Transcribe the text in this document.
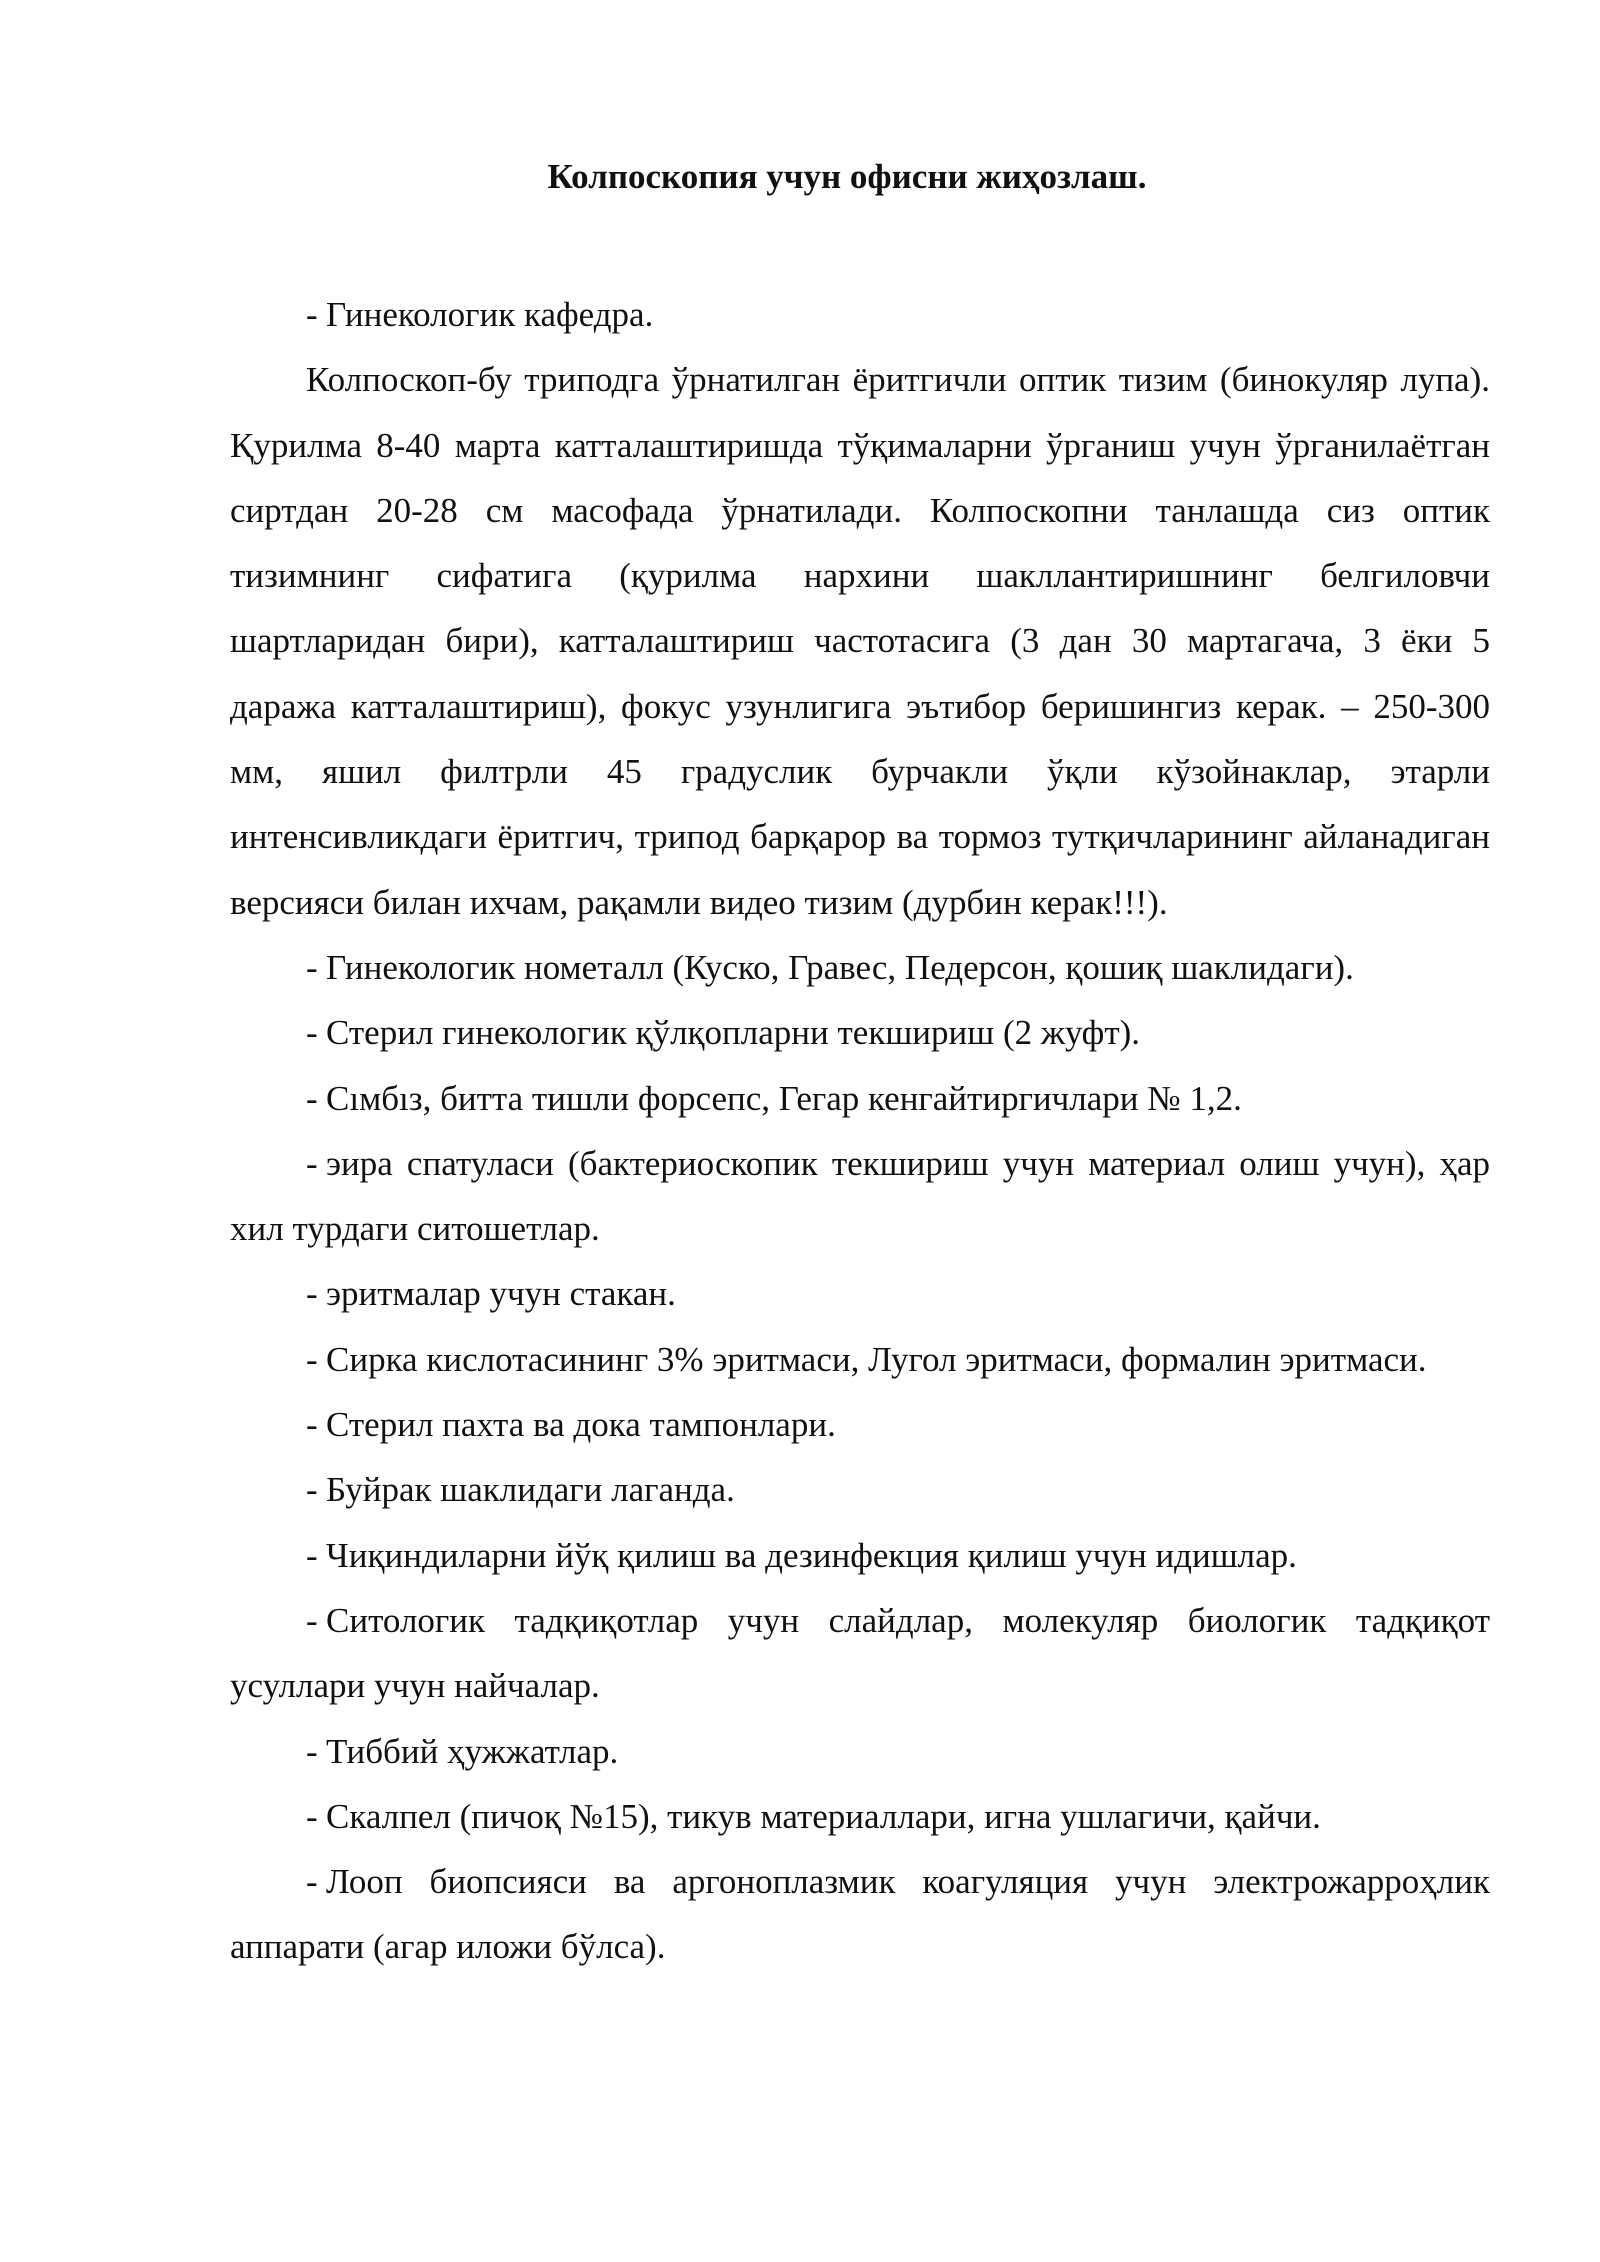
Колпоскопия учун офисни жиҳозлаш.

- Гинекологик кафедра.

Колпоскоп-бу триподга ўрнатилган ёритгичли оптик тизим (бинокуляр лупа). Қурилма 8-40 марта катталаштиришда тўқималарни ўрганиш учун ўрганилаётган сиртдан 20-28 см масофада ўрнатилади. Колпоскопни танлашда сиз оптик тизимнинг сифатига (қурилма нархини шакллантиришнинг белгиловчи шартларидан бири), катталаштириш частотасига (3 дан 30 мартагача, 3 ёки 5 даража катталаштириш), фокус узунлигига эътибор беришингиз керак. – 250-300 мм, яшил филтрли 45 градуслик бурчакли ўқли кўзойнаклар, этарли интенсивликдаги ёритгич, трипод барқарор ва тормоз тутқичларининг айланадиган версияси билан ихчам, рақамли видео тизим (дурбин керак!!!).

- Гинекологик нометалл (Куско, Гравес, Педерсон, қошиқ шаклидаги).

- Стерил гинекологик қўлқопларни текшириш (2 жуфт).

- Сıмбıз, битта тишли форсепс, Гегар кенгайтиргичлари № 1,2.

- эира спатуласи (бактериоскопик текшириш учун материал олиш учун), ҳар хил турдаги ситошетлар.

- эритмалар учун стакан.

- Сирка кислотасининг 3% эритмаси, Лугол эритмаси, формалин эритмаси.

- Стерил пахта ва дока тампонлари.

- Буйрак шаклидаги лаганда.

- Чиқиндиларни йўқ қилиш ва дезинфекция қилиш учун идишлар.

- Ситологик тадқиқотлар учун слайдлар, молекуляр биологик тадқиқот усуллари учун найчалар.

- Тиббий ҳужжатлар.

- Скалпел (пичоқ №15), тикув материаллари, игна ушлагичи, қайчи.

- Лооп биопсияси ва аргоноплазмик коагуляция учун электрожарроҳлик аппарати (агар иложи бўлса).
